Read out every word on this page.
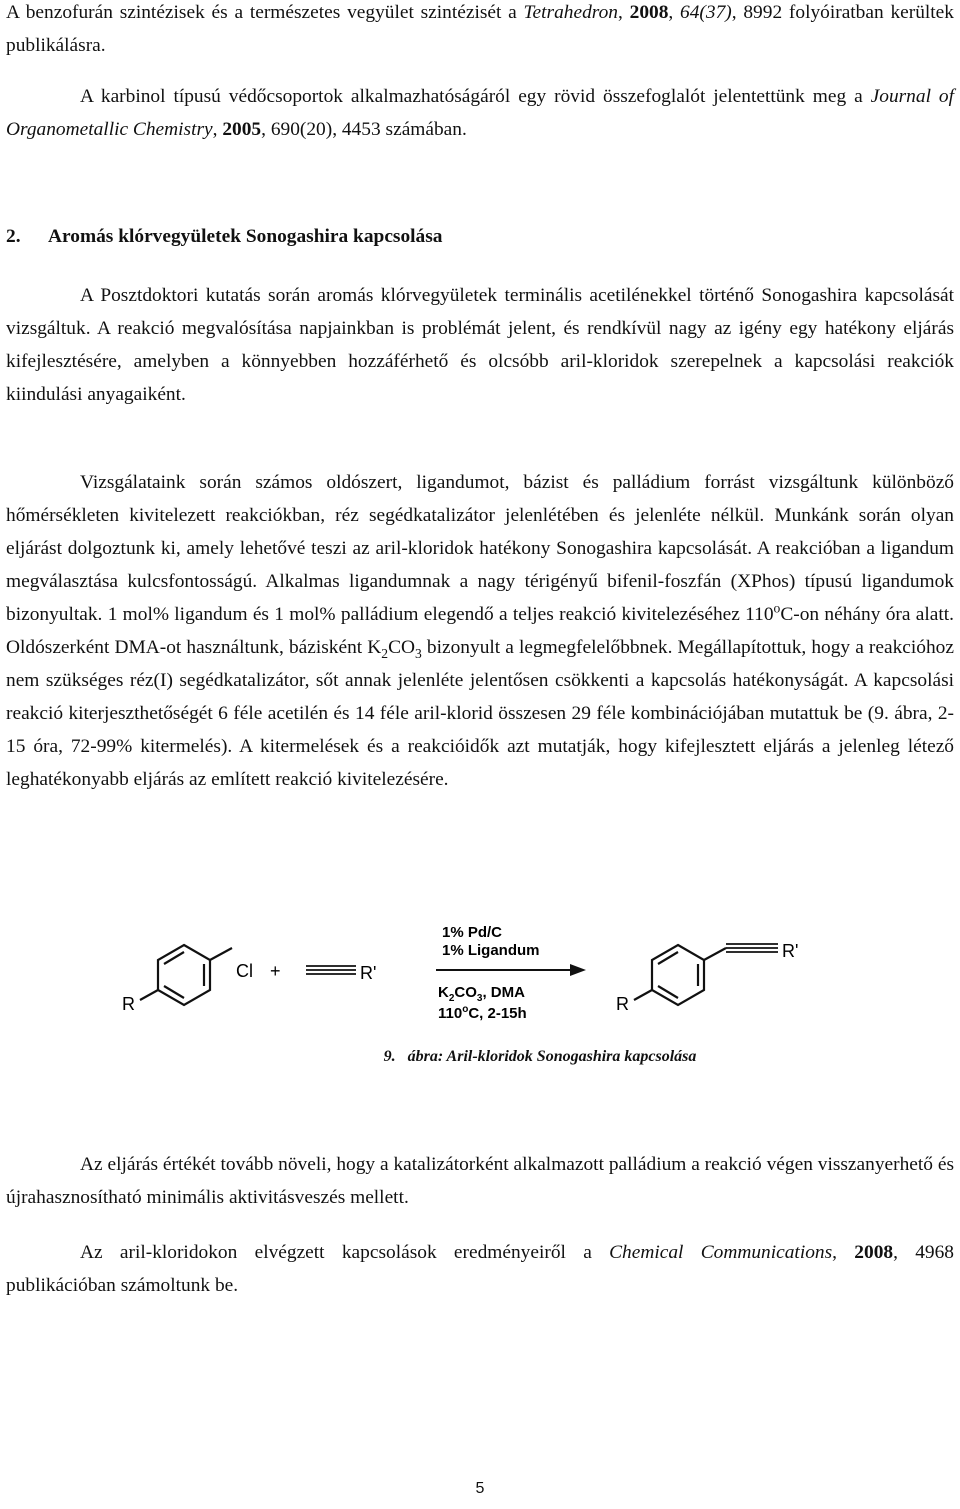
A benzofurán szintézisek és a természetes vegyület szintézisét a Tetrahedron, 2008, 64(37), 8992 folyóiratban kerültek publikálásra.

A karbinol típusú védőcsoportok alkalmazhatóságáról egy rövid összefoglalót jelentettünk meg a Journal of Organometallic Chemistry, 2005, 690(20), 4453 számában.

2. Aromás klórvegyületek Sonogashira kapcsolása

A Posztdoktori kutatás során aromás klórvegyületek terminális acetilénekkel történő Sonogashira kapcsolását vizsgáltuk. A reakció megvalósítása napjainkban is problémát jelent, és rendkívül nagy az igény egy hatékony eljárás kifejlesztésére, amelyben a könnyebben hozzáférhető és olcsóbb aril-kloridok szerepelnek a kapcsolási reakciók kiindulási anyagaiként.

Vizsgálataink során számos oldószert, ligandumot, bázist és palládium forrást vizsgáltunk különböző hőmérsékleten kivitelezett reakciókban, réz segédkatalizátor jelenlétében és jelenléte nélkül. Munkánk során olyan eljárást dolgoztunk ki, amely lehetővé teszi az aril-kloridok hatékony Sonogashira kapcsolását. A reakcióban a ligandum megválasztása kulcsfontosságú. Alkalmas ligandumnak a nagy térigényű bifenil-foszfán (XPhos) típusú ligandumok bizonyultak. 1 mol% ligandum és 1 mol% palládium elegendő a teljes reakció kivitelezéséhez 110$^o$C-on néhány óra alatt. Oldószerként DMA-ot használtunk, bázisként $K_2CO_3$ bizonyult a legmegfelelőbbnek. Megállapítottuk, hogy a reakcióhoz nem szükséges réz(I) segédkatalizátor, sőt annak jelenléte jelentősen csökkenti a kapcsolás hatékonyságát. A kapcsolási reakció kiterjeszthetőségét 6 féle acetilén és 14 féle aril-klorid összesen 29 féle kombinációjában mutattuk be (9. ábra, 2-15 óra, 72-99% kitermelés). A kitermelések és a reakcióidők azt mutatják, hogy kifejlesztett eljárás a jelenleg létező leghatékonyabb eljárás az említett reakció kivitelezésére.

R
Cl +	R'
1% Pd/C
1% Ligandum
$K_2CO_3$, DMA
110$^o$C, 2-15h	R
R'
9. ábra: Aril-kloridok Sonogashira kapcsolása

Az eljárás értékét tovább növeli, hogy a katalizátorként alkalmazott palládium a reakció végen visszanyerhető és újrahasznosítható minimális aktivitásveszés mellett.

Az aril-kloridokon elvégzett kapcsolások eredményeiről a Chemical Communications, 2008, 4968 publikációban számoltunk be.

5
